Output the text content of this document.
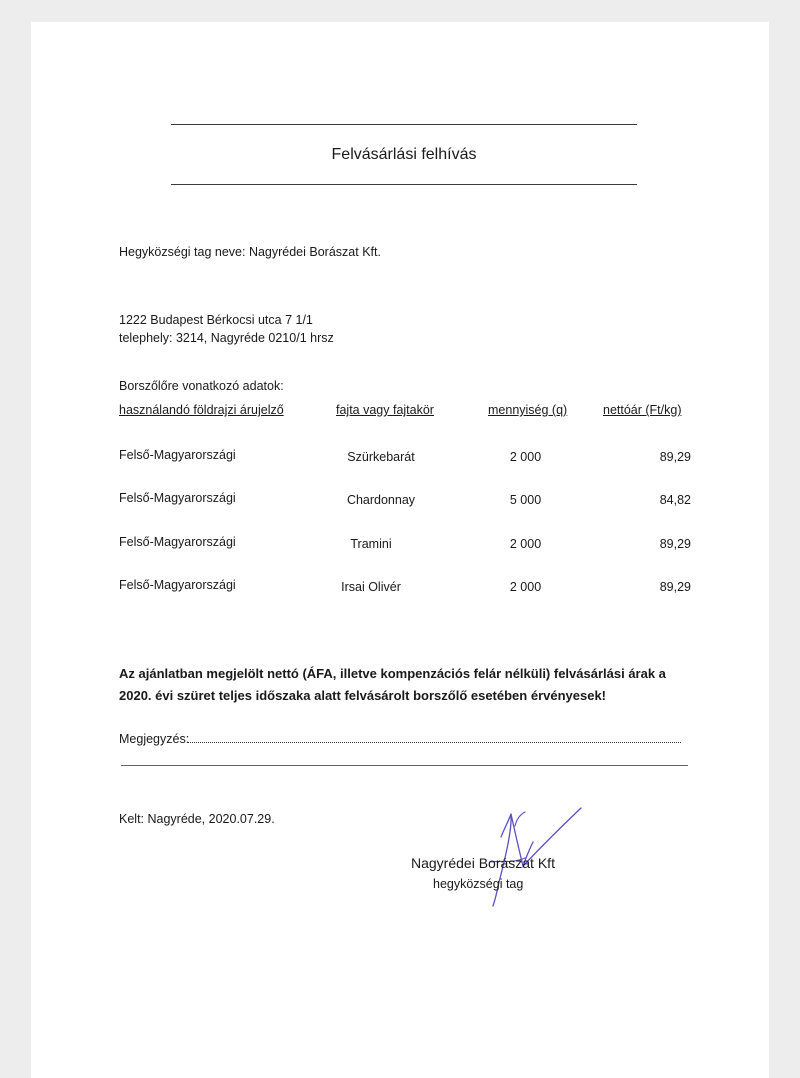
Felvásárlási felhívás
Hegyközségi tag neve: Nagyrédei Borászat Kft.
1222 Budapest Bérkocsi utca 7 1/1
telephely: 3214, Nagyréde 0210/1 hrsz
Borszőlőre vonatkozó adatok:
használandó földrajzi árujelző	fajta vagy fajtakör	mennyiség (q)	nettóár (Ft/kg)
Felső-Magyarországi	Szürkebarát	2 000	89,29
Felső-Magyarországi	Chardonnay	5 000	84,82
Felső-Magyarországi	Tramini	2 000	89,29
Felső-Magyarországi	Irsai Olivér	2 000	89,29
Az ajánlatban megjelölt nettó (ÁFA, illetve kompenzációs felár nélküli) felvásárlási árak a
2020. évi szüret teljes időszaka alatt felvásárolt borszőlő esetében érvényesek!
Megjegyzés:
Kelt: Nagyréde, 2020.07.29.
Nagyrédei Borászat Kft
hegyközségi tag
